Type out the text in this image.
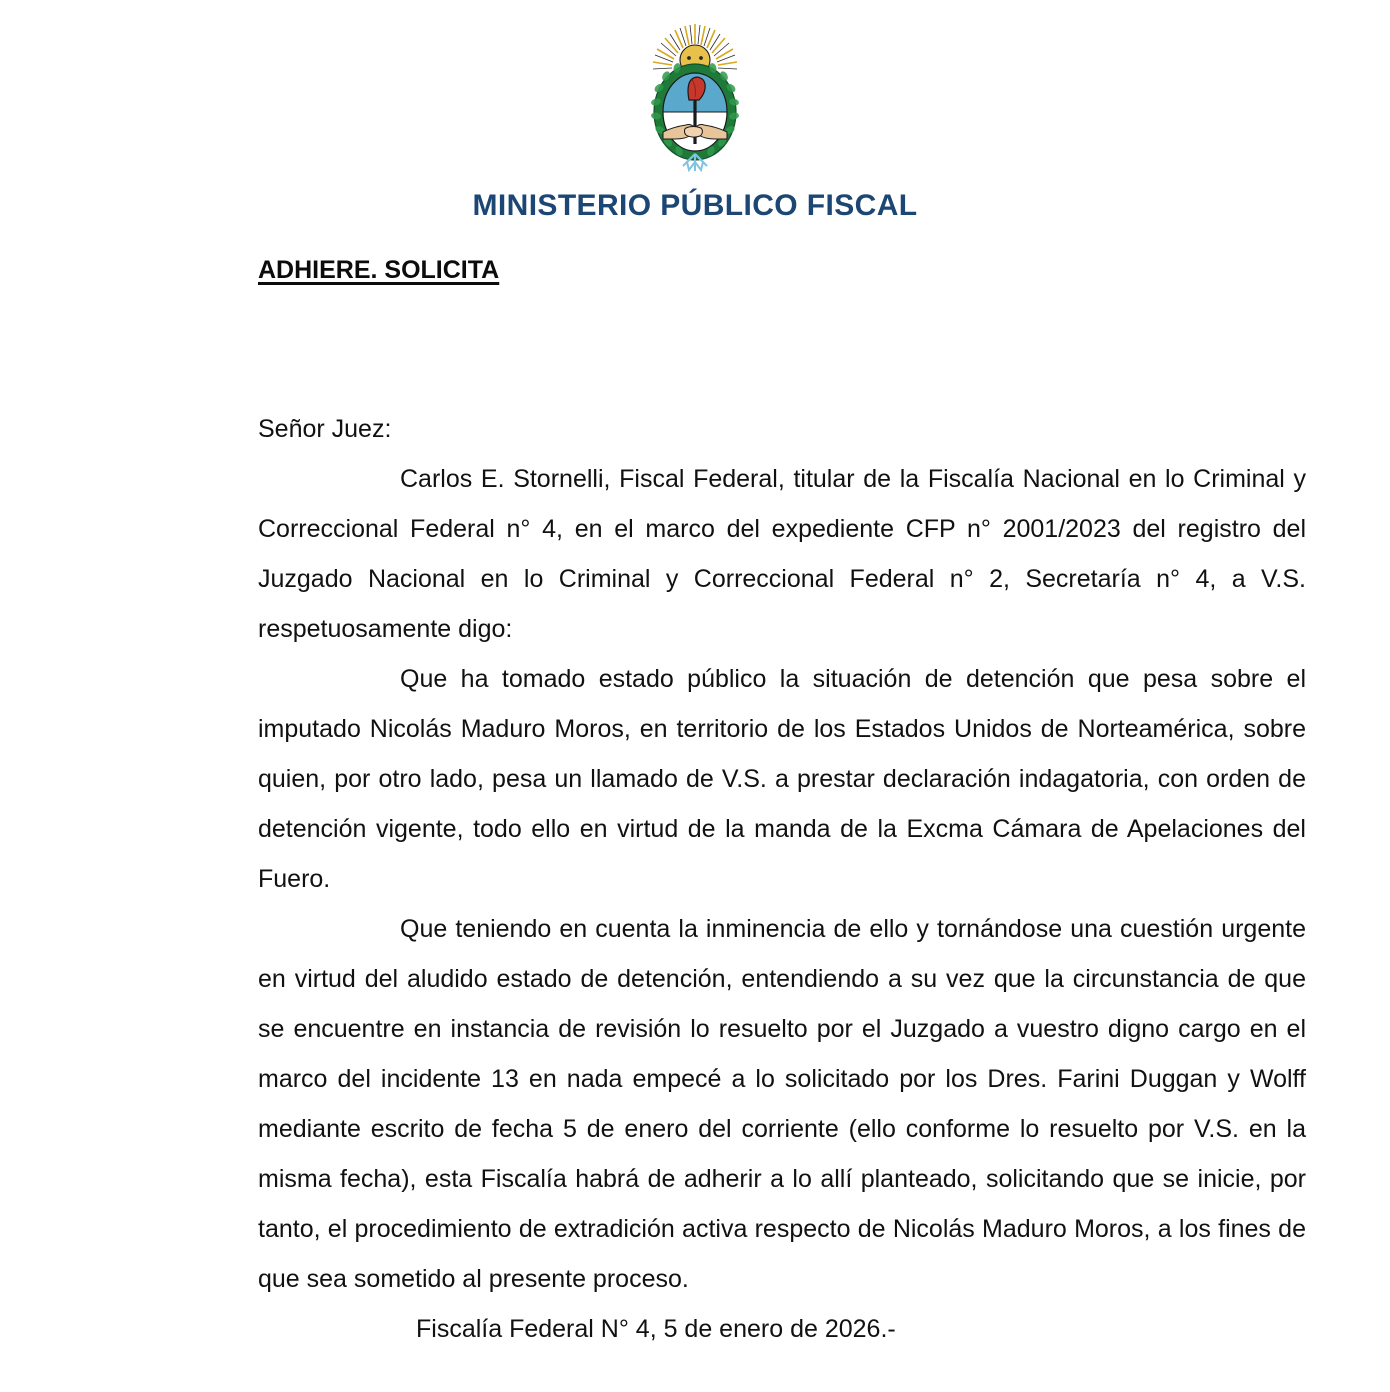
MINISTERIO PÚBLICO FISCAL
ADHIERE. SOLICITA

Señor Juez:

Carlos E. Stornelli, Fiscal Federal, titular de la Fiscalía Nacional en lo Criminal y Correccional Federal n° 4, en el marco del expediente CFP n° 2001/2023 del registro del Juzgado Nacional en lo Criminal y Correccional Federal n° 2, Secretaría n° 4, a V.S. respetuosamente digo:

Que ha tomado estado público la situación de detención que pesa sobre el imputado Nicolás Maduro Moros, en territorio de los Estados Unidos de Norteamérica, sobre quien, por otro lado, pesa un llamado de V.S. a prestar declaración indagatoria, con orden de detención vigente, todo ello en virtud de la manda de la Excma Cámara de Apelaciones del Fuero.

Que teniendo en cuenta la inminencia de ello y tornándose una cuestión urgente en virtud del aludido estado de detención, entendiendo a su vez que la circunstancia de que se encuentre en instancia de revisión lo resuelto por el Juzgado a vuestro digno cargo en el marco del incidente 13 en nada empecé a lo solicitado por los Dres. Farini Duggan y Wolff mediante escrito de fecha 5 de enero del corriente (ello conforme lo resuelto por V.S. en la misma fecha), esta Fiscalía habrá de adherir a lo allí planteado, solicitando que se inicie, por tanto, el procedimiento de extradición activa respecto de Nicolás Maduro Moros, a los fines de que sea sometido al presente proceso.

Fiscalía Federal N° 4, 5 de enero de 2026.-
